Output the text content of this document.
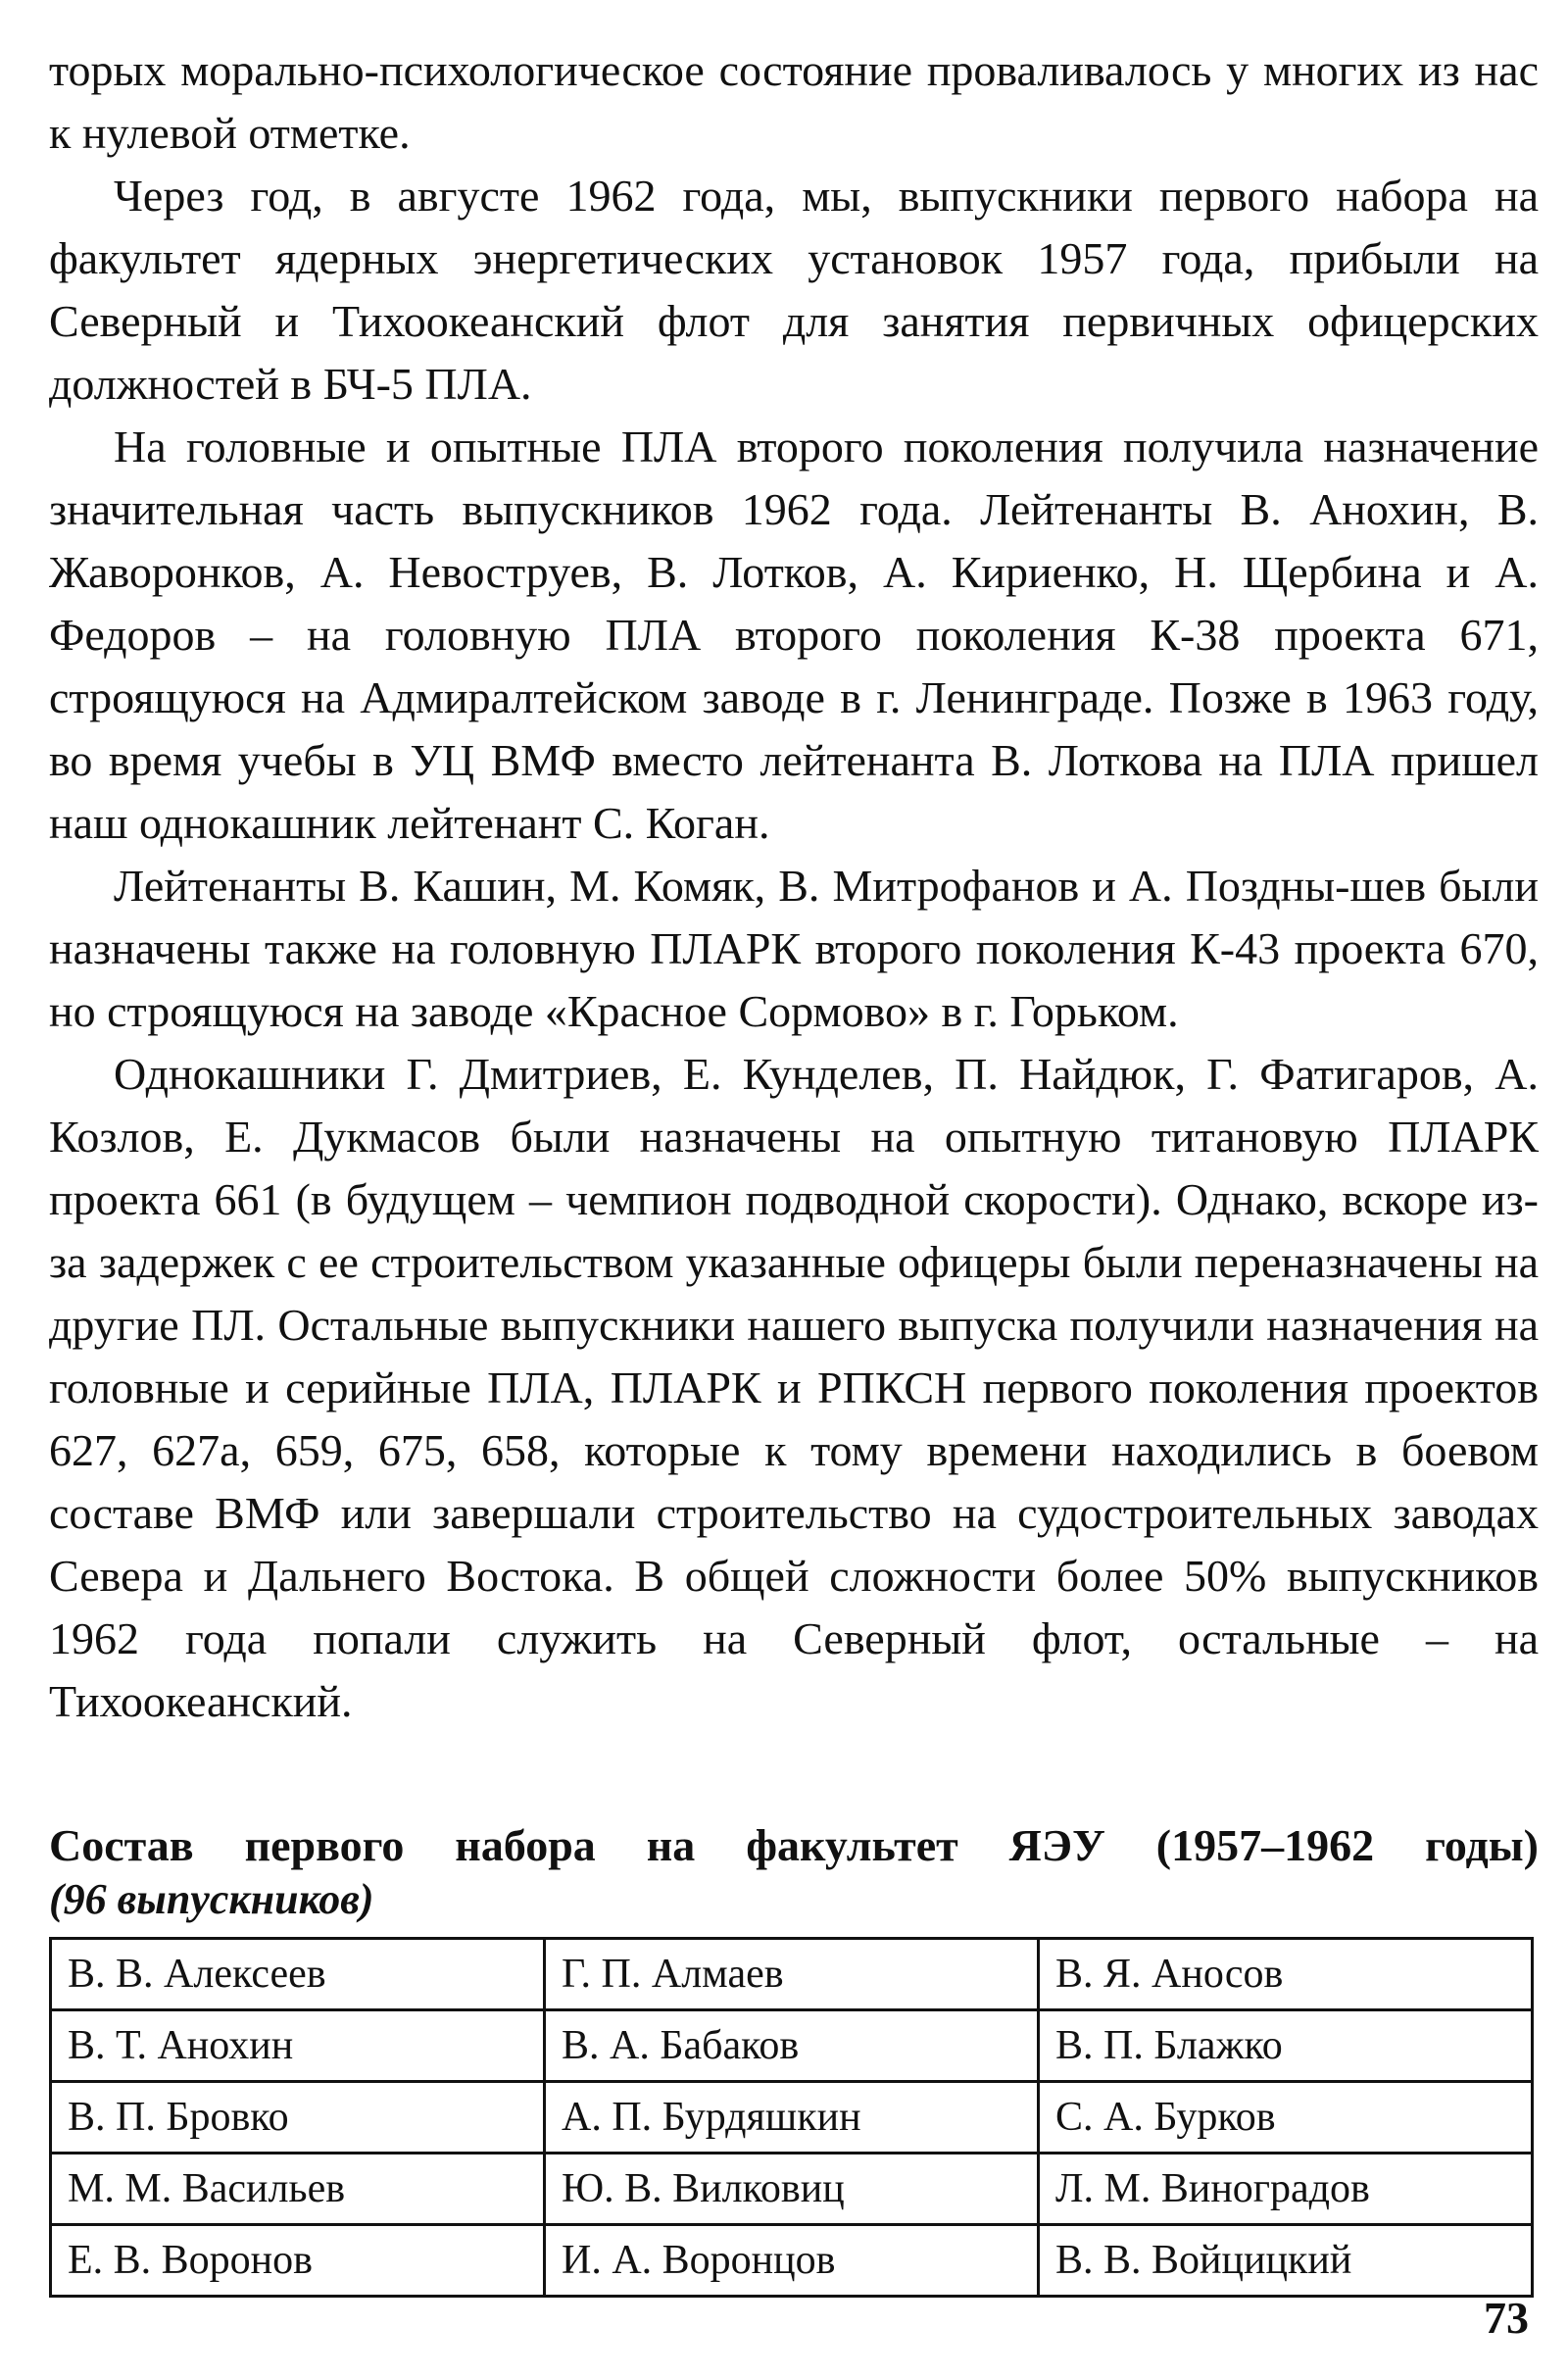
торых морально-психологическое состояние проваливалось у многих из нас к нулевой отметке.

Через год, в августе 1962 года, мы, выпускники первого набора на факультет ядерных энергетических установок 1957 года, прибыли на Северный и Тихоокеанский флот для занятия первичных офицерских должностей в БЧ-5 ПЛА.

На головные и опытные ПЛА второго поколения получила назначение значительная часть выпускников 1962 года. Лейтенанты В. Анохин, В. Жаворонков, А. Невоструев, В. Лотков, А. Кириенко, Н. Щербина и А. Федоров – на головную ПЛА второго поколения К-38 проекта 671, строящуюся на Адмиралтейском заводе в г. Ленинграде. Позже в 1963 году, во время учебы в УЦ ВМФ вместо лейтенанта В. Лоткова на ПЛА пришел наш однокашник лейтенант С. Коган.

Лейтенанты В. Кашин, М. Комяк, В. Митрофанов и А. Поздны-шев были назначены также на головную ПЛАРК второго поколения К-43 проекта 670, но строящуюся на заводе «Красное Сормово» в г. Горьком.

Однокашники Г. Дмитриев, Е. Кунделев, П. Найдюк, Г. Фатигаров, А. Козлов, Е. Дукмасов были назначены на опытную титановую ПЛАРК проекта 661 (в будущем – чемпион подводной скорости). Однако, вскоре из-за задержек с ее строительством указанные офицеры были переназначены на другие ПЛ. Остальные выпускники нашего выпуска получили назначения на головные и серийные ПЛА, ПЛАРК и РПКСН первого поколения проектов 627, 627а, 659, 675, 658, которые к тому времени находились в боевом составе ВМФ или завершали строительство на судостроительных заводах Севера и Дальнего Востока. В общей сложности более 50% выпускников 1962 года попали служить на Северный флот, остальные – на Тихоокеанский.

Состав первого набора на факультет ЯЭУ (1957–1962 годы)
(96 выпускников)
В. В. Алексеев	Г. П. Алмаев	В. Я. Аносов
В. Т. Анохин	В. А. Бабаков	В. П. Блажко
В. П. Бровко	А. П. Бурдяшкин	С. А. Бурков
М. М. Васильев	Ю. В. Вилковиц	Л. М. Виноградов
Е. В. Воронов	И. А. Воронцов	В. В. Войцицкий
73
